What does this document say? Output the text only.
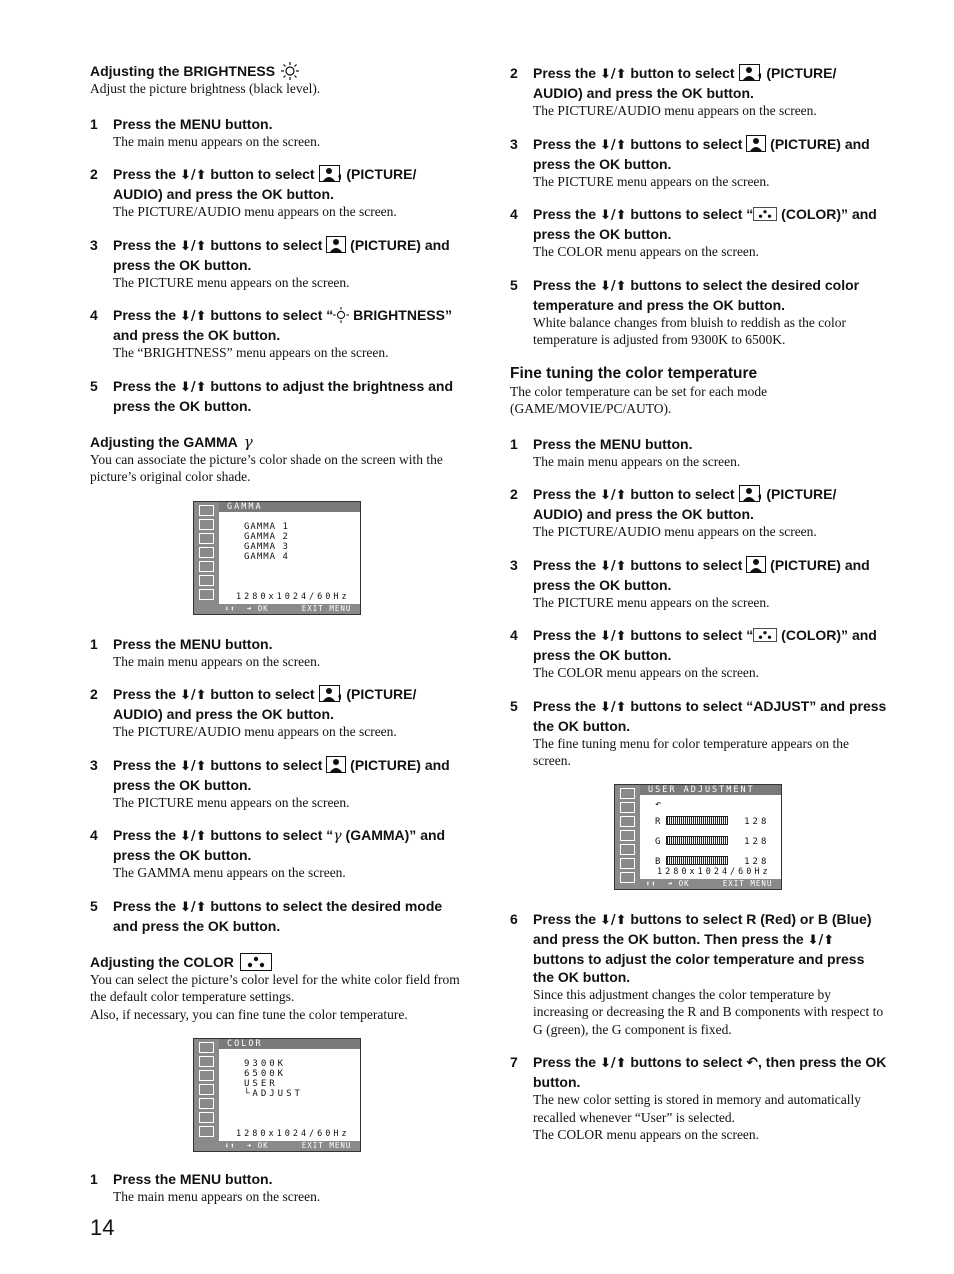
Adjusting the BRIGHTNESS
Adjust the picture brightness (black level).
1	Press the MENU button.
The main menu appears on the screen.
2	Press the ⬇/⬆ button to select (PICTURE/ AUDIO) and press the OK button.
The PICTURE/AUDIO menu appears on the screen.
3	Press the ⬇/⬆ buttons to select (PICTURE) and press the OK button.
The PICTURE menu appears on the screen.
4	Press the ⬇/⬆ buttons to select “ BRIGHTNESS” and press the OK button.
The “BRIGHTNESS” menu appears on the screen.
5	Press the ⬇/⬆ buttons to adjust the brightness and press the OK button.
Adjusting the GAMMA γ
You can associate the picture’s color shade on the screen with the picture’s original color shade.
GAMMA
GAMMA 1
GAMMA 2
GAMMA 3
GAMMA 4
1280x1024/60Hz
⬇⬆  ➜ OK	EXIT MENU
1	Press the MENU button.
The main menu appears on the screen.
2	Press the ⬇/⬆ button to select (PICTURE/ AUDIO) and press the OK button.
The PICTURE/AUDIO menu appears on the screen.
3	Press the ⬇/⬆ buttons to select (PICTURE) and press the OK button.
The PICTURE menu appears on the screen.
4	Press the ⬇/⬆ buttons to select “γ (GAMMA)” and press the OK button.
The GAMMA menu appears on the screen.
5	Press the ⬇/⬆ buttons to select the desired mode and press the OK button.
Adjusting the COLOR
You can select the picture’s color level for the white color field from the default color temperature settings.
Also, if necessary, you can fine tune the color temperature.
COLOR
9300K
6500K
USER
└ADJUST
1280x1024/60Hz
⬇⬆  ➜ OK	EXIT MENU
1	Press the MENU button.
The main menu appears on the screen.
2	Press the ⬇/⬆ button to select (PICTURE/ AUDIO) and press the OK button.
The PICTURE/AUDIO menu appears on the screen.
3	Press the ⬇/⬆ buttons to select (PICTURE) and press the OK button.
The PICTURE menu appears on the screen.
4	Press the ⬇/⬆ buttons to select “ (COLOR)” and press the OK button.
The COLOR menu appears on the screen.
5	Press the ⬇/⬆ buttons to select the desired color temperature and press the OK button.
White balance changes from bluish to reddish as the color temperature is adjusted from 9300K to 6500K.
Fine tuning the color temperature
The color temperature can be set for each mode (GAME/MOVIE/PC/AUTO).
1	Press the MENU button.
The main menu appears on the screen.
2	Press the ⬇/⬆ button to select (PICTURE/ AUDIO) and press the OK button.
The PICTURE/AUDIO menu appears on the screen.
3	Press the ⬇/⬆ buttons to select (PICTURE) and press the OK button.
The PICTURE menu appears on the screen.
4	Press the ⬇/⬆ buttons to select “ (COLOR)” and press the OK button.
The COLOR menu appears on the screen.
5	Press the ⬇/⬆ buttons to select “ADJUST” and press the OK button.
The fine tuning menu for color temperature appears on the screen.
USER ADJUSTMENT
↶
R	128
G	128
B	128
1280x1024/60Hz
⬇⬆  ➜ OK	EXIT MENU
6	Press the ⬇/⬆ buttons to select R (Red) or B (Blue) and press the OK button. Then press the ⬇/⬆ buttons to adjust the color temperature and press the OK button.
Since this adjustment changes the color temperature by increasing or decreasing the R and B components with respect to G (green), the G component is fixed.
7	Press the ⬇/⬆ buttons to select ↶, then press the OK button.
The new color setting is stored in memory and automatically recalled whenever “User” is selected.
The COLOR menu appears on the screen.
14
